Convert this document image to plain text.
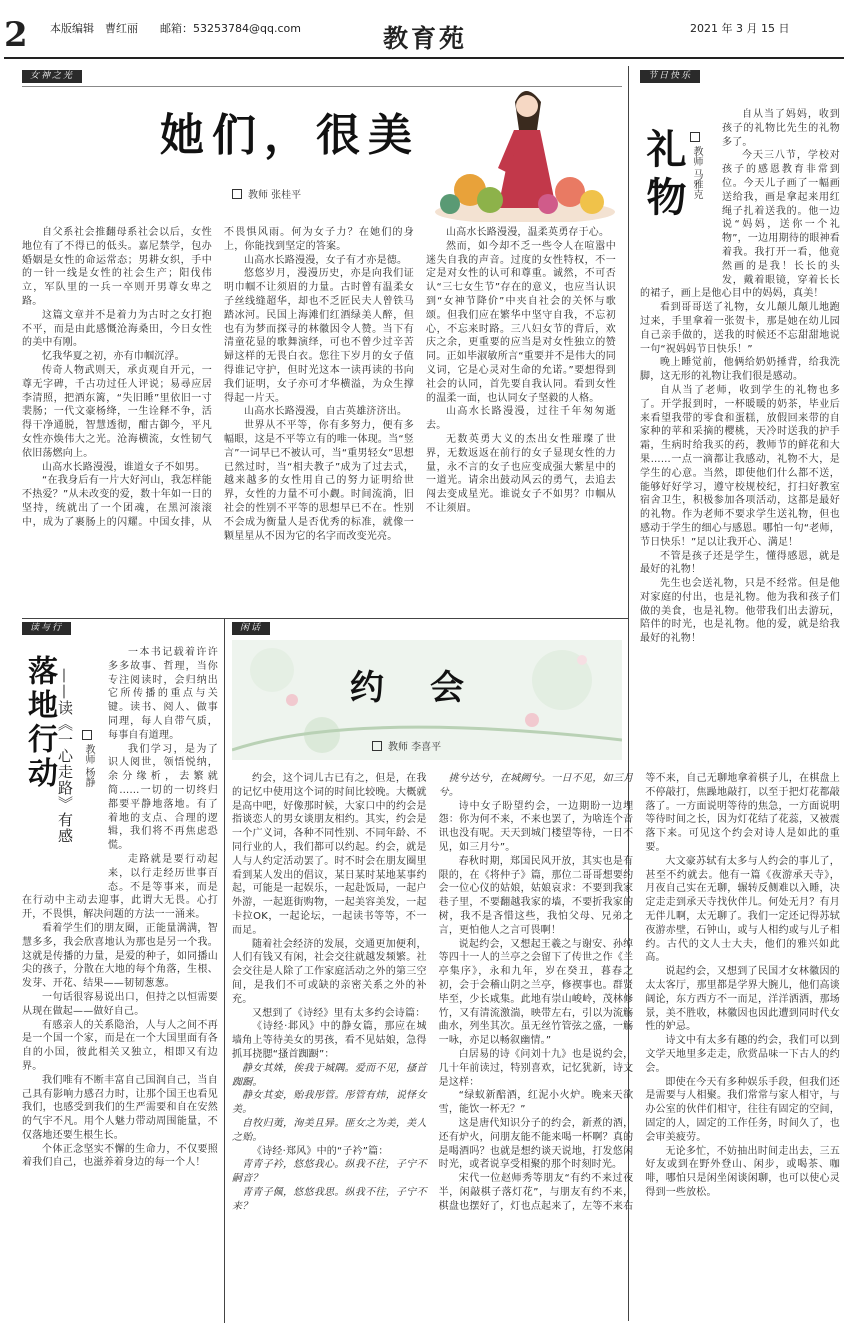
2 本版编辑　曹红丽　　邮箱：53253784@qq.com	教育苑	2021 年 3 月 15 日
女神之光
她们，很美
教师 张桂平

自父系社会推翻母系社会以后，女性地位有了不得已的低头。嘉尼禁学，包办婚姻是女性的命运常态；男耕女织，手中的一针一线是女性的社会生产；阳伐伟立，军队里的一兵一卒则开男尊女卑之路。

这篇文章并不是着力为古时之女打抱不平，而是由此感慨沧海桑田，今日女性的美中有刚。

忆我华夏之初，亦有巾帼沉浮。

传奇人物武则天，承贞观自开元，一尊无字碑，千古功过任人评说；易尋应居李清照，把酒东篱，“失旧睡”里依旧一寸裴肠；一代文豪杨绛，一生诠释不争，活得干净通脱，智慧透彻，酣古御今，平凡女性亦焕伟大之光。沧海横流，女性韧气依旧荡燃向上。

山高水长路漫漫，谁道女子不如男。

“在我身后有一片大好河山，我怎样能不热爱？”从未改变的爱，数十年如一日的坚持，统就出了一个团魂，在黑河滚滚中，成为了裹肠上的闪耀。中国女排，从不畏惧风雨。何为女子力？在她们的身上，你能找到坚定的答案。

山高水长路漫漫，女子有才亦是德。

悠悠岁月，漫漫历史，亦是向我们证明巾帼不让须眉的力量。古时曾有温柔女子丝线缝超华，却也不乏匠民夫人曾铁马踏冰河。民国上海滩们红酒绿美人醉，但也有为梦而探寻的林徽因令人赞。当下有清童花显的歌舞演绎，可也不曾少过辛苦婦这样的无畏白衣。您往下岁月的女子值得谁记守护，但时光这本一读再读的书向我们证明，女子亦可才华横溢，为众生撑得起一片天。

山高水长路漫漫，自古英雄济济出。

世界从不平等，你有多努力，便有多幅眼，这是不平等立有的唯一体现。当“竖言”一词早已不被认可，当“重男轻女”思想已然过时，当“相夫教子”成为了过去式，越来越多的女性用自己的努力证明给世界，女性的力量不可小觑。时间流淌，旧社会的性别不平等的思想早已不在。性别不会成为衡量人是否优秀的标准，就像一颗星星从不因为它的名字而改变光亮。

山高水长路漫漫，温柔英勇存于心。

然而，如今却不乏一些令人在喧嚣中迷失自我的声音。过度的女性特权，不一定是对女性的认可和尊重。诚然，不可否认“三七女生节”存在的意义，也应当认识到“女神节降价”中夹自社会的关怀与歌颂。但我们应在繁华中坚守自我，不忘初心，不忘来时路。三八妇女节的背后，欢庆之余，更重要的应当是对女性独立的赞同。正如毕淑敏所言“重要并不是伟大的同义词，它是心灵对生命的允诺。”要想得到社会的认同，首先要自我认同。看到女性的温柔一面，也认同女子坚毅的人格。

山高水长路漫漫，过往千年匆匆逝去。

无数英勇大义的杰出女性璀璨了世界，无数返返在前行的女子显现女性的力量，永不言的女子也应变成强大紫星中的一道光。请余出鼓动风云的勇气，去追去闯去变成星光。谁说女子不如男？巾帼从不让须眉。

节日快乐
礼物 教师 马雅克

自从当了妈妈，收到孩子的礼物比先生的礼物多了。

今天三八节，学校对孩子的感恩教育非常到位。今天儿子画了一幅画送给我，画是拿起来用红绳子扎着送我的。他一边说“妈妈，送你一个礼物”，一边用期待的眼神看着我。我打开一看，他竟然画的是我！长长的头发，戴着眼镜，穿着长长的裙子，画上是他心目中的妈妈，真美！

看到哥哥送了礼物，女儿颠儿颠儿地跑过来，手里拿着一张贺卡，那是她在幼儿园自己亲手做的，送我的时候还不忘甜甜地说一句“祝妈妈节日快乐！”

晚上睡觉前，他俩给奶奶捶背，给我洗脚，这无形的礼物让我们很是感动。

自从当了老师，收到学生的礼物也多了。开学报到时，一杯暖暖的奶茶，毕业后来看望我带的零食和蛋糕，放假回来带的自家种的苹和采摘的樱桃，天冷时送我的护手霜，生病时给我买的药，教师节的鲜花和大果……一点一滴都让我感动，礼物不大，是学生的心意。当然，即使他们什么都不送，能够好好学习，遵守校规校纪，打扫好教室宿舍卫生，积极参加各项活动，这都是最好的礼物。作为老师不要求学生送礼物，但也感动于学生的细心与感恩。哪怕一句“老师，节日快乐！”足以让我开心、满足！

不管是孩子还是学生，懂得感恩，就是最好的礼物！

先生也会送礼物，只是不经常。但是他对家庭的付出，也是礼物。他为我和孩子们做的美食，也是礼物。他带我们出去游玩，陪伴的时光，也是礼物。他的爱，就是给我最好的礼物！

读与行
落地行动 ——读《一心走路》有感 教师 杨静

一本书记载着许许多多故事、哲理，当你专注阅读时，会归纳出它所传播的重点与关键。读书、阅人、做事同理，每人自带气质，每事自有道理。

我们学习，是为了识人阅世，领悟悦纳，余分缘析，去繁就简……一切的一切终归都要平静地落地。有了着地的支点、合理的逻辑，我们将不再焦虑恐慌。

走路就是要行动起来，以行走经历世事百态。不是等事来，而是在行动中主动去迎事，此谓大无畏。心打开，不畏惧，解决问题的方法一一涌来。

看着学生们的朋友圈，正能量满满，智慧多多，我会欣喜地认为那也是另一个我。这就是传播的力量，是爱的种子，如同播山尖的孩子，分散在大地的每个角落，生根、发芽、开花、结果——韧韧葱葱。

一句话很容易说出口，但持之以恒需要从现在做起——做好自己。

有感亲人的关系隐治，人与人之间不再是一个国一个家，而是在一个大国里面有各自的小国，彼此相关又独立，相即又有边界。

我们唯有不断丰富自己国润自己，当自己具有影响力感召力时，让那个国王也看见我们，也感受到我们的生严需要和自在安然的气宇不凡。用个人魅力带动周围能量，不仅落地还要生根生长。

个体正念坚实不懈的生命力，不仅要照着我们自己，也滋养着身边的每一个人！

闲话
约　会
教师 李喜平

约会，这个词儿古已有之，但是，在我的记忆中使用这个词的时间比较晚。大概就是高中吧，好像那时候，大家口中的约会是指谈恋人的男女谈朋友相约。其实，约会是一个广义词，各种不同性别、不同年龄、不同行业的人，我们都可以约起。约会，就是人与人约定活动罢了。时不时会在朋友圈里看到某人发出的倡议，某日某时某地某事约起，可能是一起娱乐，一起赴饭局，一起户外游，一起逛街购物，一起美容美发，一起卡拉OK，一起论坛，一起读书等等，不一而足。

随着社会经济的发展，交通更加便利，人们有钱又有闲，社会交往就越发频繁。社会交往是人除了工作家庭活动之外的第三空间，是我们不可或缺的亲密关系之外的补充。

又想到了《诗经》里有太多约会诗篇：

《诗经·邶风》中的静女篇，那应在城墙角上等待美女的男孩，看不见姑娘，急得抓耳挠腮“搔首踟蹰”：

静女其姝，俟我于城隅。爱而不见，搔首踟蹰。

静女其娈，贻我彤管。彤管有炜，说怿女美。

自牧归荑，洵美且异。匪女之为美，美人之贻。

《诗经·郑风》中的“子衿”篇：

青青子衿，悠悠我心。纵我不往，子宁不嗣音？

青青子佩，悠悠我思。纵我不往，子宁不来？

挑兮达兮，在城阙兮。一日不见，如三月兮。

诗中女子盼望约会，一边期盼一边埋怨：你为何不来，不来也罢了，为啥连个音讯也没有呢。天天到城门楼望等待，一日不见，如三月兮”。

春秋时期，郑国民风开放，其实也是有限的，在《将仲子》篇，那位二哥哥想要约会一位心仪的姑娘，姑娘哀求：不要到我家巷子里，不要翻越我家的墙，不要折我家的树，我不是吝惜这些，我怕父母、兄弟之言，更怕他人之言可畏啊！

说起约会，又想起王羲之与谢安、孙绰等四十一人的兰亭之会留下了传世之作《兰亭集序》，永和九年，岁在癸丑，暮春之初，会于会稽山阴之兰亭，修禊事也。群贤毕至，少长咸集。此地有崇山峻岭，茂林修竹，又有清流激湍，映带左右，引以为流觞曲水，列坐其次。虽无丝竹管弦之盛，一觞一咏，亦足以畅叙幽情。”

白居易的诗《问刘十九》也是说约会，几十年前读过，特别喜欢，记忆犹新，诗文是这样：

“绿蚁新醅酒，红泥小火炉。晚来天欲雪，能饮一杯无？”

这是唐代知识分子的约会，新煮的酒，还有炉火，问朋友能不能来喝一杯啊？真的是喝酒吗？也就是想约谈天说地，打发悠闲时光，或者说享受相聚的那个时刻时光。

宋代一位赵师秀等朋友“有约不来过夜半，闲敲棋子落灯花”，与朋友有约不来，棋盘也摆好了，灯也点起来了，左等不来右等不来，自己无聊地拿着棋子儿，在棋盘上不停敲打，焦躁地敲打，以至于把灯花都敲落了。一方面说明等待的焦急，一方面说明等待时间之长，因为灯花结了花蕊，又被震落下来。可见这个约会对诗人是如此的重要。

大文豪苏轼有太多与人约会的事儿了，甚至不约就去。他有一篇《夜游承天寺》，月夜自己实在无聊，辗转反侧难以入睡，决定走走到承天寺找伙伴儿。何处无月？有月无伴儿啊，太无聊了。我们一定还记得苏轼夜游赤壁，石钟山，或与人相约或与儿子相约。古代的文人士大夫，他们的雅兴如此高。

说起约会，又想到了民国才女林徽因的太太客厅，那里都是学界大腕儿，他们高谈阔论，东方西方不一而足，洋洋洒洒，那场景，美不胜收，林徽因也因此遭到同时代女性的妒忌。

诗文中有太多有趣的约会，我们可以到文学天地里多走走，欣赏品味一下古人的约会。

即使在今天有多种娱乐手段，但我们还是需要与人相聚。我们常常与家人相守，与办公室的伙伴们相守，往往有固定的空间，固定的人，固定的工作任务，时间久了，也会审美疲劳。

无论多忙，不妨抽出时间走出去，三五好友或到在野外登山、闲步，或喝茶、咖啡，哪怕只是闲坐闲谈闲聊，也可以使心灵得到一些放松。
